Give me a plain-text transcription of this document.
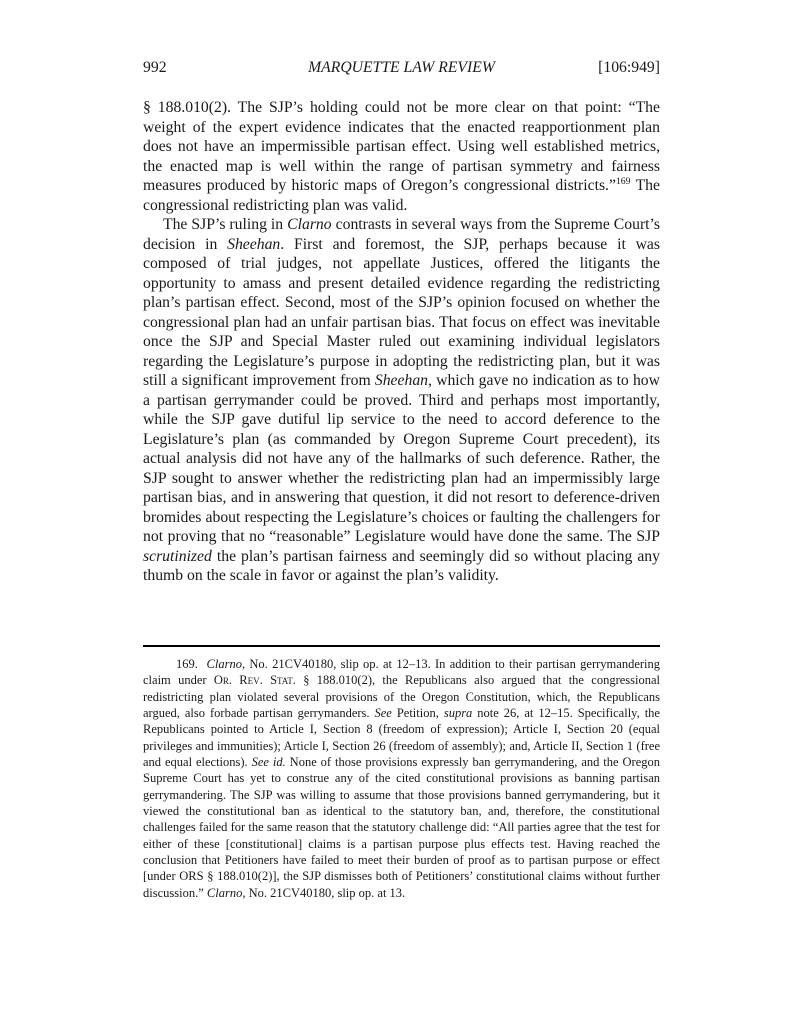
992	MARQUETTE LAW REVIEW	[106:949]

§ 188.010(2). The SJP’s holding could not be more clear on that point: “The weight of the expert evidence indicates that the enacted reapportionment plan does not have an impermissible partisan effect. Using well established metrics, the enacted map is well within the range of partisan symmetry and fairness measures produced by historic maps of Oregon’s congressional districts.”$^{169}$ The congressional redistricting plan was valid.

The SJP’s ruling in Clarno contrasts in several ways from the Supreme Court’s decision in Sheehan. First and foremost, the SJP, perhaps because it was composed of trial judges, not appellate Justices, offered the litigants the opportunity to amass and present detailed evidence regarding the redistricting plan’s partisan effect. Second, most of the SJP’s opinion focused on whether the congressional plan had an unfair partisan bias. That focus on effect was inevitable once the SJP and Special Master ruled out examining individual legislators regarding the Legislature’s purpose in adopting the redistricting plan, but it was still a significant improvement from Sheehan, which gave no indication as to how a partisan gerrymander could be proved. Third and perhaps most importantly, while the SJP gave dutiful lip service to the need to accord deference to the Legislature’s plan (as commanded by Oregon Supreme Court precedent), its actual analysis did not have any of the hallmarks of such deference. Rather, the SJP sought to answer whether the redistricting plan had an impermissibly large partisan bias, and in answering that question, it did not resort to deference-driven bromides about respecting the Legislature’s choices or faulting the challengers for not proving that no “reasonable” Legislature would have done the same. The SJP scrutinized the plan’s partisan fairness and seemingly did so without placing any thumb on the scale in favor or against the plan’s validity.

169.  Clarno, No. 21CV40180, slip op. at 12–13. In addition to their partisan gerrymandering claim under Or. Rev. Stat. § 188.010(2), the Republicans also argued that the congressional redistricting plan violated several provisions of the Oregon Constitution, which, the Republicans argued, also forbade partisan gerrymanders. See Petition, supra note 26, at 12–15. Specifically, the Republicans pointed to Article I, Section 8 (freedom of expression); Article I, Section 20 (equal privileges and immunities); Article I, Section 26 (freedom of assembly); and, Article II, Section 1 (free and equal elections). See id. None of those provisions expressly ban gerrymandering, and the Oregon Supreme Court has yet to construe any of the cited constitutional provisions as banning partisan gerrymandering. The SJP was willing to assume that those provisions banned gerrymandering, but it viewed the constitutional ban as identical to the statutory ban, and, therefore, the constitutional challenges failed for the same reason that the statutory challenge did: “All parties agree that the test for either of these [constitutional] claims is a partisan purpose plus effects test. Having reached the conclusion that Petitioners have failed to meet their burden of proof as to partisan purpose or effect [under ORS § 188.010(2)], the SJP dismisses both of Petitioners’ constitutional claims without further discussion.” Clarno, No. 21CV40180, slip op. at 13.
